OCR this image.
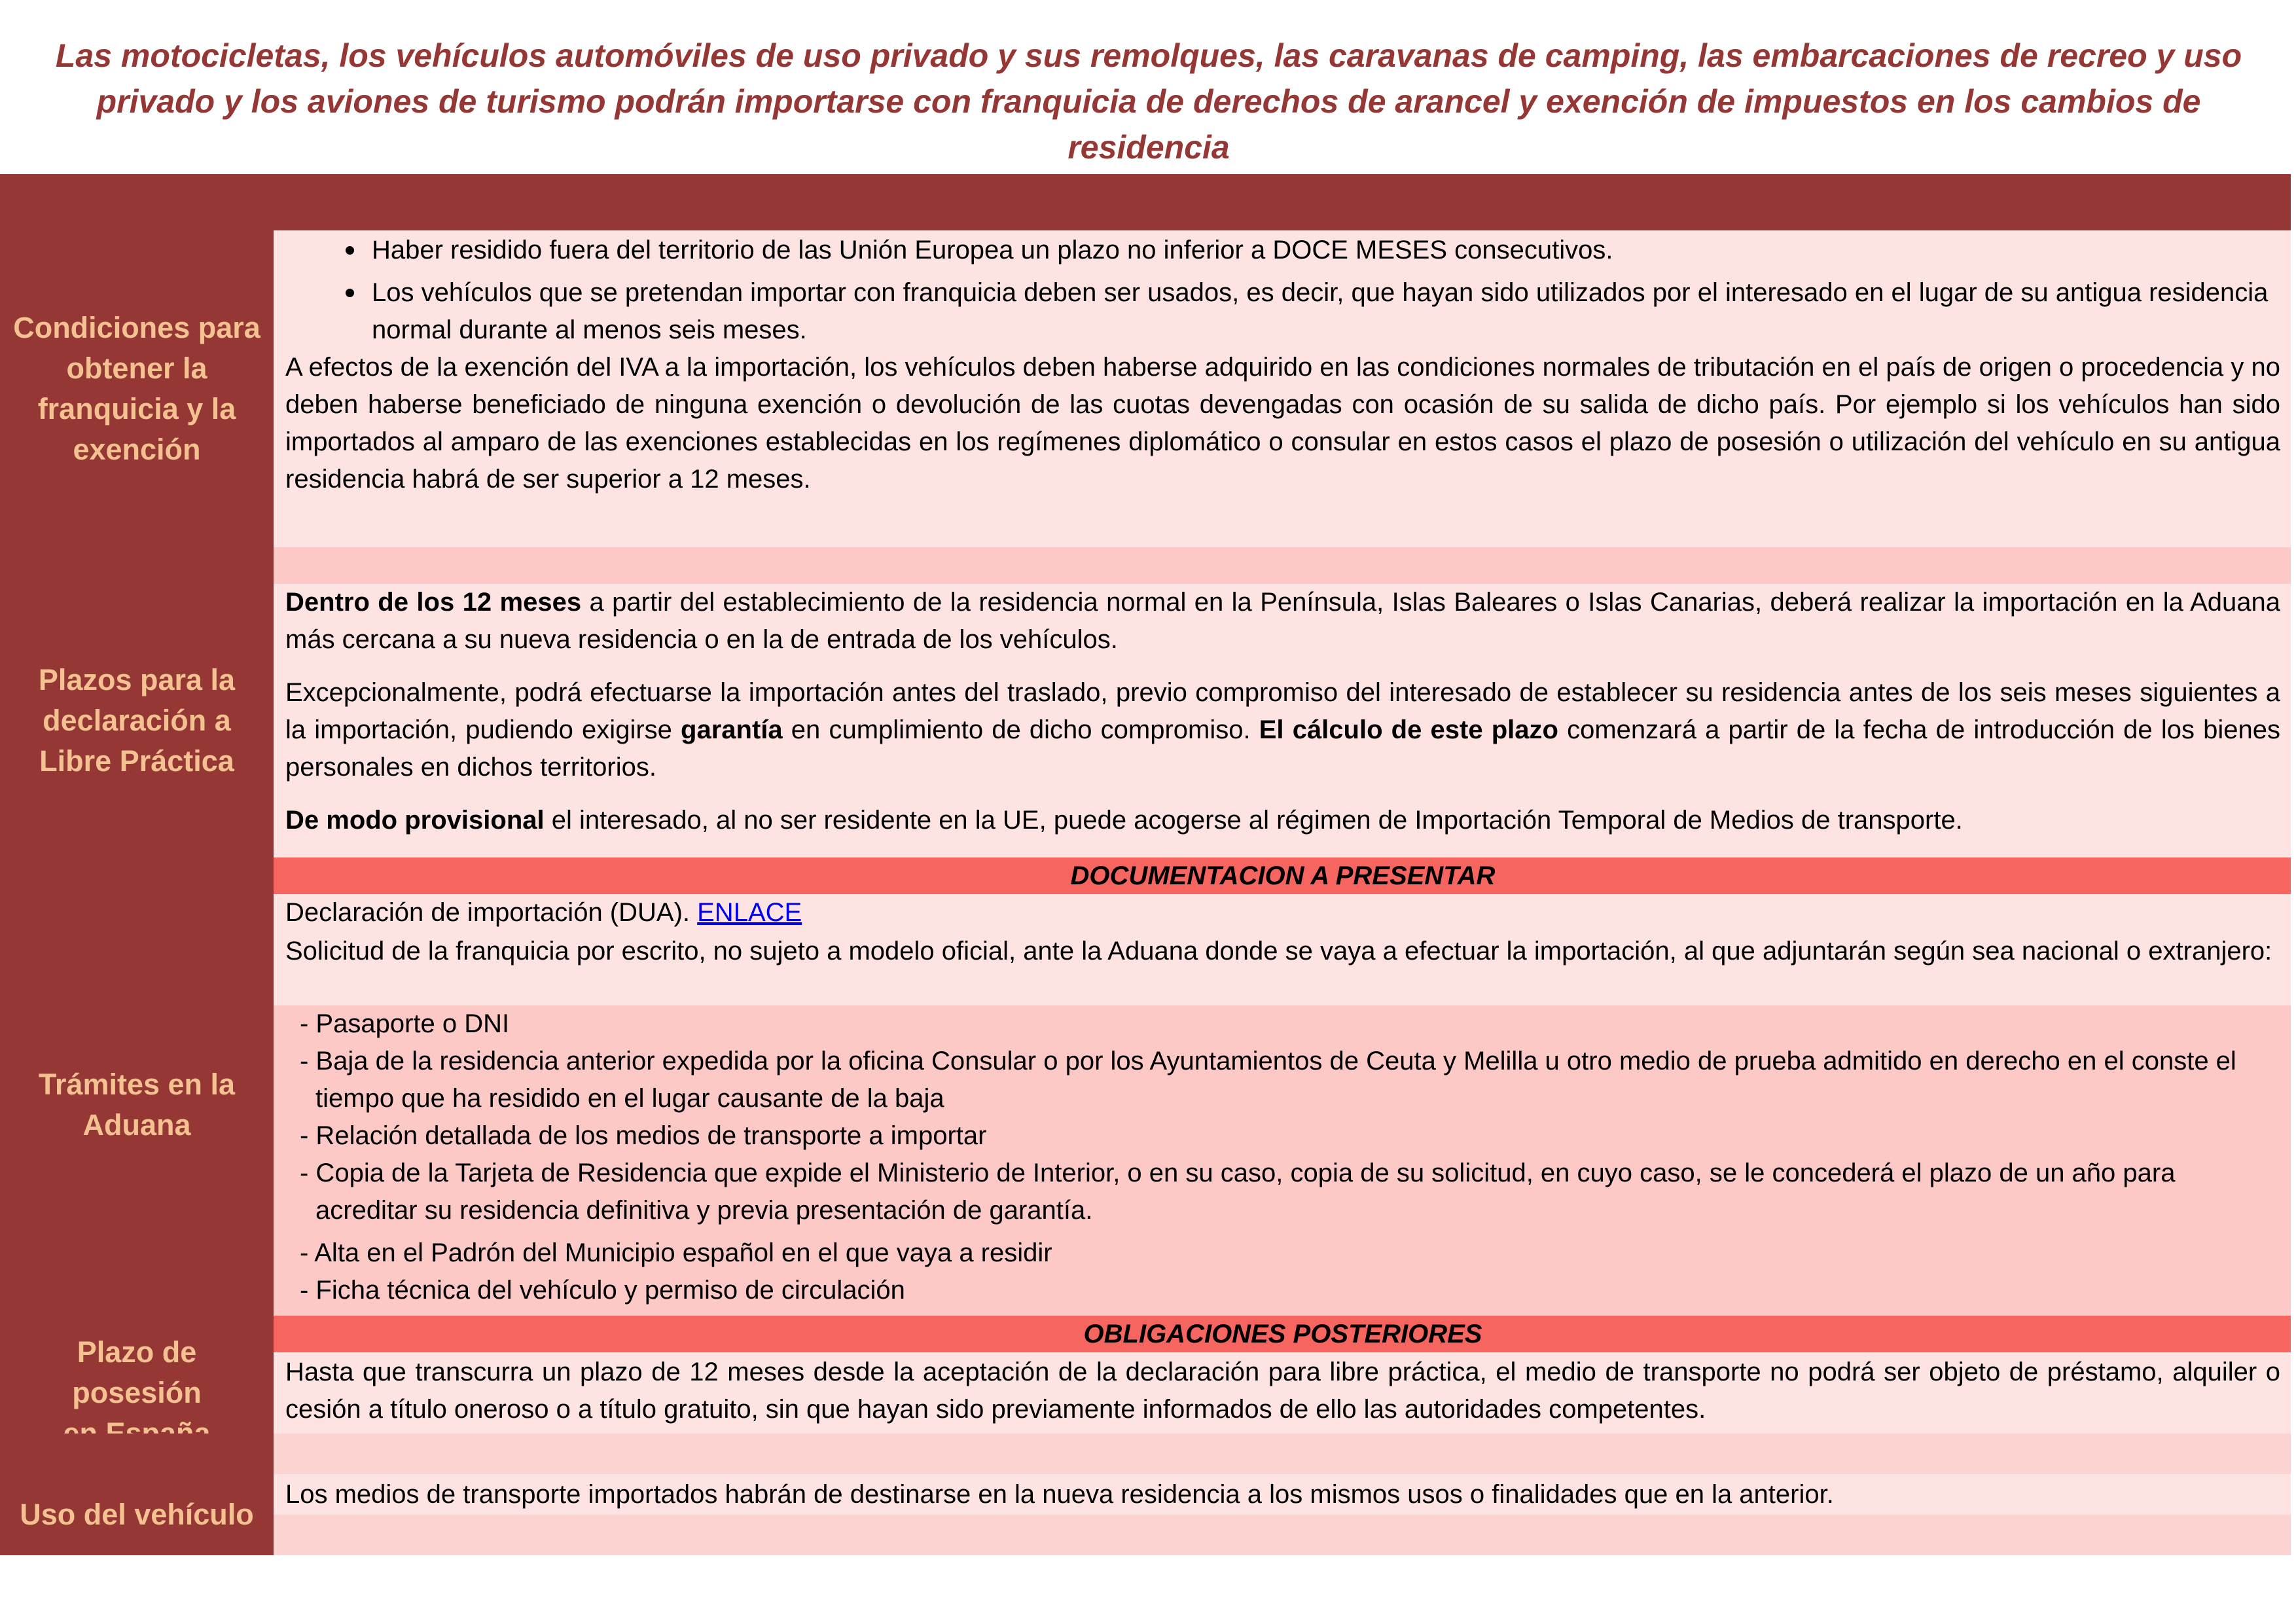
Las motocicletas, los vehículos automóviles de uso privado y sus remolques, las caravanas de camping, las embarcaciones de recreo y uso privado y los aviones de turismo podrán importarse con franquicia de derechos de arancel y exención de impuestos en los cambios de residencia
Condiciones para
obtener la
franquicia y la
exención

Haber residido fuera del territorio de las Unión Europea un plazo no inferior a DOCE MESES consecutivos.

Los vehículos que se pretendan importar con franquicia deben ser usados, es decir, que hayan sido utilizados por el interesado en el lugar de su antigua residencia normal durante al menos seis meses.

A efectos de la exención del IVA a la importación, los vehículos deben haberse adquirido en las condiciones normales de tributación en el país de origen o procedencia y no deben haberse beneficiado de ninguna exención o devolución de las cuotas devengadas con ocasión de su salida de dicho país. Por ejemplo si los vehículos han sido importados al amparo de las exenciones establecidas en los regímenes diplomático o consular en estos casos el plazo de posesión o utilización del vehículo en su antigua residencia habrá de ser superior a 12 meses.

Plazos para la
declaración a
Libre Práctica

Dentro de los 12 meses a partir del establecimiento de la residencia normal en la Península, Islas Baleares o Islas Canarias, deberá realizar la importación en la Aduana más cercana a su nueva residencia o en la de entrada de los vehículos.

Excepcionalmente, podrá efectuarse la importación antes del traslado, previo compromiso del interesado de establecer su residencia antes de los seis meses siguientes a la importación, pudiendo exigirse garantía en cumplimiento de dicho compromiso. El cálculo de este plazo comenzará a partir de la fecha de introducción de los bienes personales en dichos territorios.

De modo provisional el interesado, al no ser residente en la UE, puede acogerse al régimen de Importación Temporal de Medios de transporte.

DOCUMENTACION A PRESENTAR
Trámites en la
Aduana

Declaración de importación (DUA). ENLACE

Solicitud de la franquicia por escrito, no sujeto a modelo oficial, ante la Aduana donde se vaya a efectuar la importación, al que adjuntarán según sea nacional o extranjero:

- Pasaporte o DNI

- Baja de la residencia anterior expedida por la oficina Consular o por los Ayuntamientos de Ceuta y Melilla u otro medio de prueba admitido en derecho en el conste el tiempo que ha residido en el lugar causante de la baja

- Relación detallada de los medios de transporte a importar

- Copia de la Tarjeta de Residencia que expide el Ministerio de Interior, o en su caso, copia de su solicitud, en cuyo caso, se le concederá el plazo de un año para acreditar su residencia definitiva y previa presentación de garantía.

- Alta en el Padrón del Municipio español en el que vaya a residir

- Ficha técnica del vehículo y permiso de circulación

OBLIGACIONES POSTERIORES
Plazo de posesión
Hasta que transcurra un plazo de 12 meses desde la aceptación de la declaración para libre práctica, el medio de transporte no podrá ser objeto de préstamo, alquiler o cesión a título oneroso o a título gratuito, sin que hayan sido previamente informados de ello las autoridades competentes.
Uso del vehículo
Los medios de transporte importados habrán de destinarse en la nueva residencia a los mismos usos o finalidades que en la anterior.
